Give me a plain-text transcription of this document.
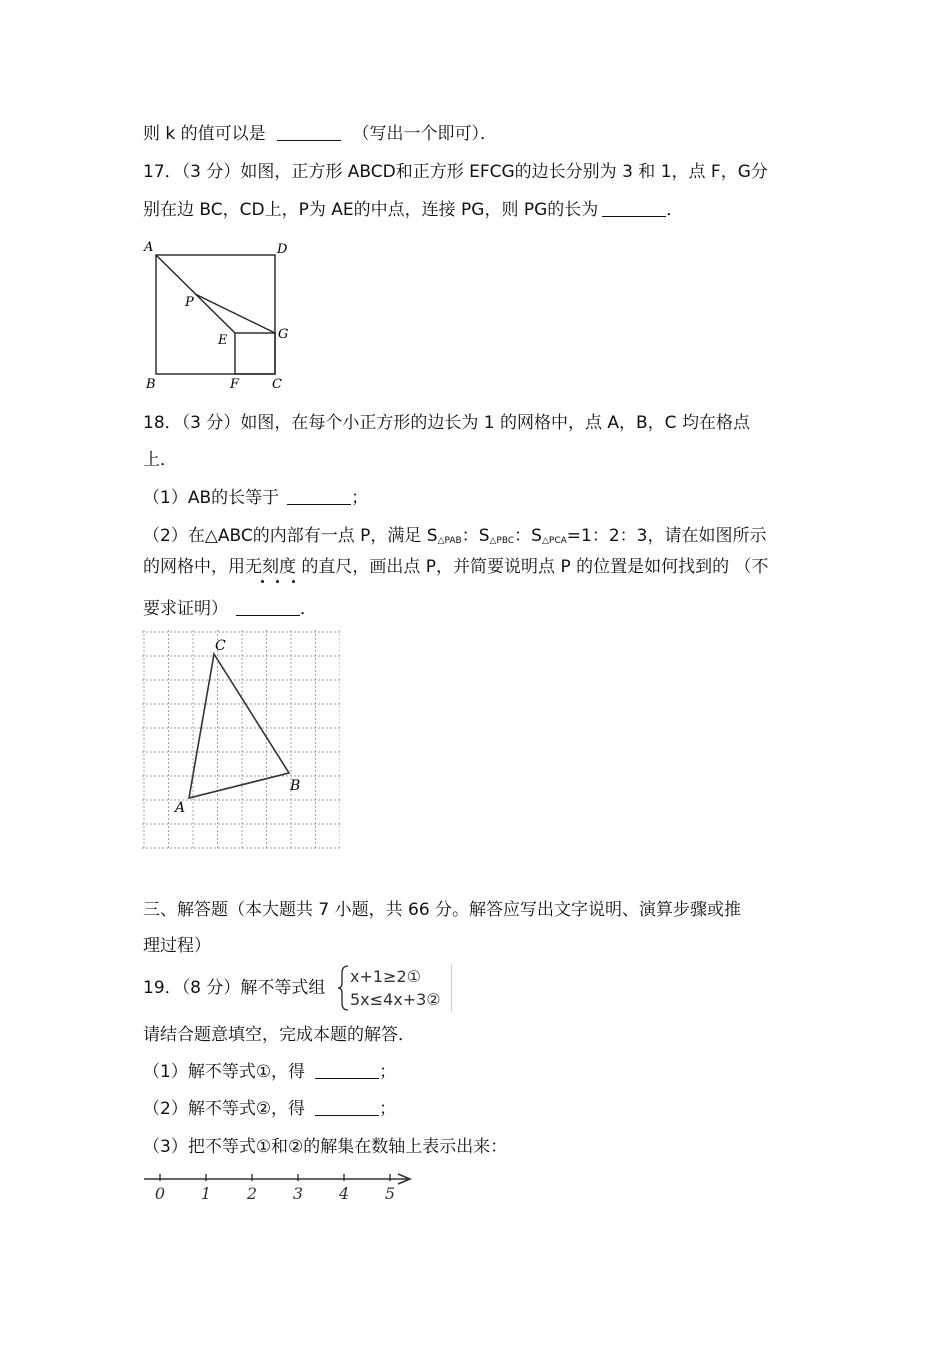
则 k 的值可以是	（写出一个即可）．
17．（3 分）如图，正方形 ABCD和正方形 EFCG的边长分别为 3 和 1，点 F，G分
别在边 BC，CD上，P为 AE的中点，连接 PG，则 PG的长为	．
A	D
P
E	G
B	F	C
18．（3 分）如图，在每个小正方形的边长为 1 的网格中，点 A，B，C 均在格点
上．
（1）AB的长等于	；
（2）在△ABC的内部有一点 P，满足 $S_{\triangle PAB}$：$S_{\triangle PBC}$：$S_{\triangle PCA}=1$：2：3，请在如图所示
的网格中，用无刻度 的直尺，画出点 P，并简要说明点 P 的位置是如何找到的 （不
要求证明）	．
A
B
C
三、解答题（本大题共 7 小题，共 66 分。解答应写出文字说明、演算步骤或推
理过程）
19．（8 分）解不等式组
x+1≥2①
5x≤4x+3②
请结合题意填空，完成本题的解答．
（1）解不等式①，得	；
（2）解不等式②，得	；
（3）把不等式①和②的解集在数轴上表示出来：
0 1 2 3 4 5
